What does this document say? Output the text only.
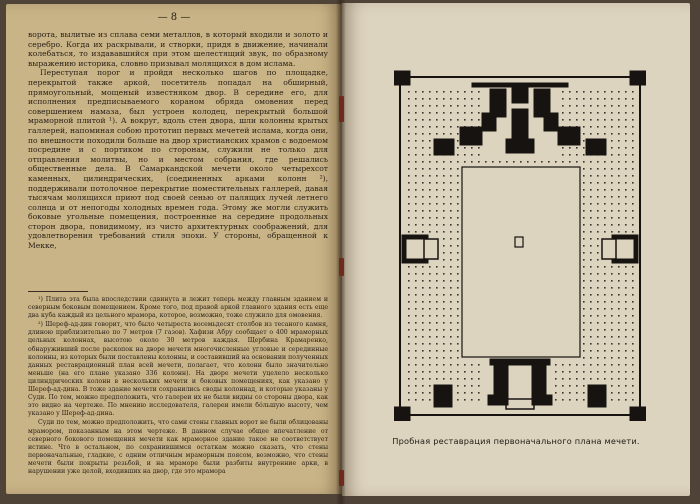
— 8 —

ворота, вылитые из сплава семи металлов, в который входили и золото и серебро. Когда их раскрывали, и створки, придя в движение, начинали колебаться, то издававшийся при этом шелестящий звук, по образному выражению историка, словно призывал молящихся в дом ислама.

Переступая порог и пройдя несколько шагов по площадке, перекрытой также аркой, посетитель попадал на обширный, прямоугольный, мощеный известняком двор. В середине его, для исполнения предписываемого кораном обряда омовения перед совершением намаза, был устроен колодец, перекрытый большой мраморной плитой ¹). А вокруг, вдоль стен двора, шли колонны крытых галлерей, напоминая собою прототип первых мечетей ислама, когда они, по внешности походили больше на двор христианских храмов с водоемом посредине и с портиком по сторонам, служили не только для отправления молитвы, но и местом собрания, где решались общественные дела. В Самаркандской мечети около четырехсот каменных, цилиндрических, (соединенных арками колонн ²), поддерживали потолочное перекрытие поместительных галлерей, давая тысячам молящихся приют под своей сенью от палящих лучей летнего солнца и от непогоды холодных времен года. Этому же могли служить боковые угольные помещения, построенные на середине продольных сторон двора, повидимому, из чисто архитектурных соображений, для удовлетворения требований стиля эпохи. У стороны, обращенной к Мекке,

¹) Плита эта была впоследствии сдвинута и лежит теперь между главным зданием и северным боковым помещением. Кроме того, под правой аркой главного здания есть еще два куба каждый из цельного мрамора, которое, возможно, тоже служило для омовения.

²) Шереф-ад-дин говорит, что было четыреста восемьдесят столбов из тесаного камня, длиною приблизительно по 7 метров (7 газов). Хафизи Абру сообщает о 400 мраморных цельных колоннах, высотою около 30 метров каждая. Щербина Крамаренко, обнаруживший после раскопок на дворе мечети многочисленные угловые и серединные колонны, из которых были поставлены колонны, и составивший на основании полученных данных реставрационный план всей мечети, полагает, что колонн было значительно меньше (на его плане указано 336 колонн). На дворе мечети уцелело несколько цилиндрических колонн в нескольких мечети и боковых помещениях, как указано у Шереф-ад-дина. В тоже здание мечети сохранились своды колоннад, и которые указаны у Суди. По тем, можно предположить, что галереи их не были видны со стороны двора, как это видно на чертеже. По мнению исследователя, галереи имели бо́льшую высоту, чем указано у Шереф-ад-дина.

Суди по тем, можно предположить, что сами стены главных ворот не были облицованы мрамором, показанным на этом чертеже. В данном случае общее впечатление от северного бокового помещения мечети как мраморное здание такое не соответствует истине. Что в остальном, по сохранившимся остаткам можно сказать, что стены первоначальные, гладкие, с одним отличным мраморным поясом, возможно, что стены мечети были покрыты резьбой, и на мраморе были разбиты внутренние арки, в нарушении уже целой, входивших на двор, где это мрамора

Пробная реставрация первоначального плана мечети.
